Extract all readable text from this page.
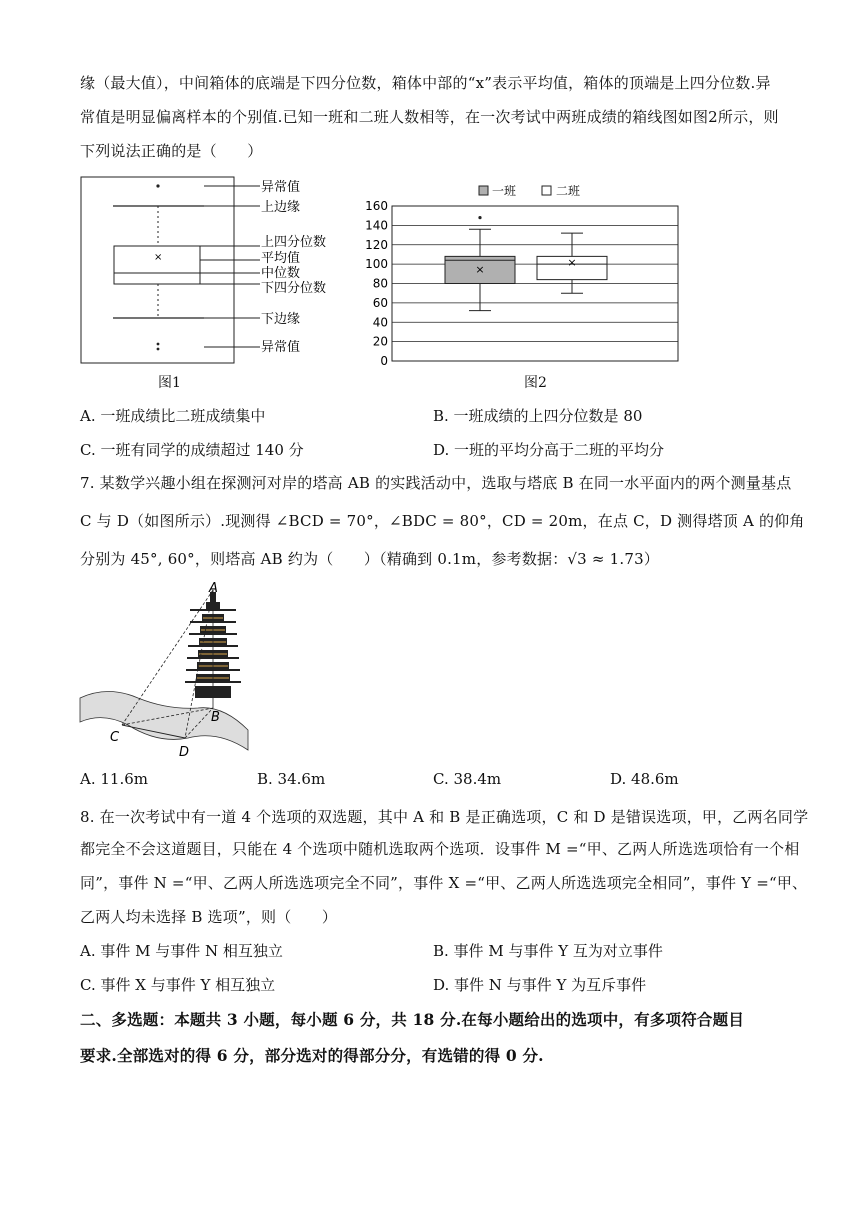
缘（最大值），中间箱体的底端是下四分位数，箱体中部的“x”表示平均值，箱体的顶端是上四分位数.异
常值是明显偏离样本的个别值.已知一班和二班人数相等，在一次考试中两班成绩的箱线图如图2所示，则
下列说法正确的是（　　）
×
异常值
上边缘
上四分位数
平均值
中位数
下四分位数
下边缘
异常值
图1
一班	二班
0
20
40
60
80
100
120
140
160
×
×
图2
A. 一班成绩比二班成绩集中	B. 一班成绩的上四分位数是 80
C. 一班有同学的成绩超过 140 分	D. 一班的平均分高于二班的平均分
7. 某数学兴趣小组在探测河对岸的塔高 AB 的实践活动中，选取与塔底 B 在同一水平面内的两个测量基点
C 与 D（如图所示）.现测得 ∠BCD = 70°，∠BDC = 80°，CD = 20m，在点 C，D 测得塔顶 A 的仰角
分别为 45°, 60°，则塔高 AB 约为（　　）（精确到 0.1m，参考数据：√3 ≈ 1.73）
A
B
C
D
A. 11.6m	B. 34.6m	C. 38.4m	D. 48.6m
8. 在一次考试中有一道 4 个选项的双选题，其中 A 和 B 是正确选项，C 和 D 是错误选项，甲，乙两名同学
都完全不会这道题目，只能在 4 个选项中随机选取两个选项．设事件 M =“甲、乙两人所选选项恰有一个相
同”，事件 N =“甲、乙两人所选选项完全不同”，事件 X =“甲、乙两人所选选项完全相同”，事件 Y =“甲、
乙两人均未选择 B 选项”，则（　　）
A. 事件 M 与事件 N 相互独立	B. 事件 M 与事件 Y 互为对立事件
C. 事件 X 与事件 Y 相互独立	D. 事件 N 与事件 Y 为互斥事件
二、多选题：本题共 3 小题，每小题 6 分，共 18 分.在每小题给出的选项中，有多项符合题目
要求.全部选对的得 6 分，部分选对的得部分分，有选错的得 0 分.
